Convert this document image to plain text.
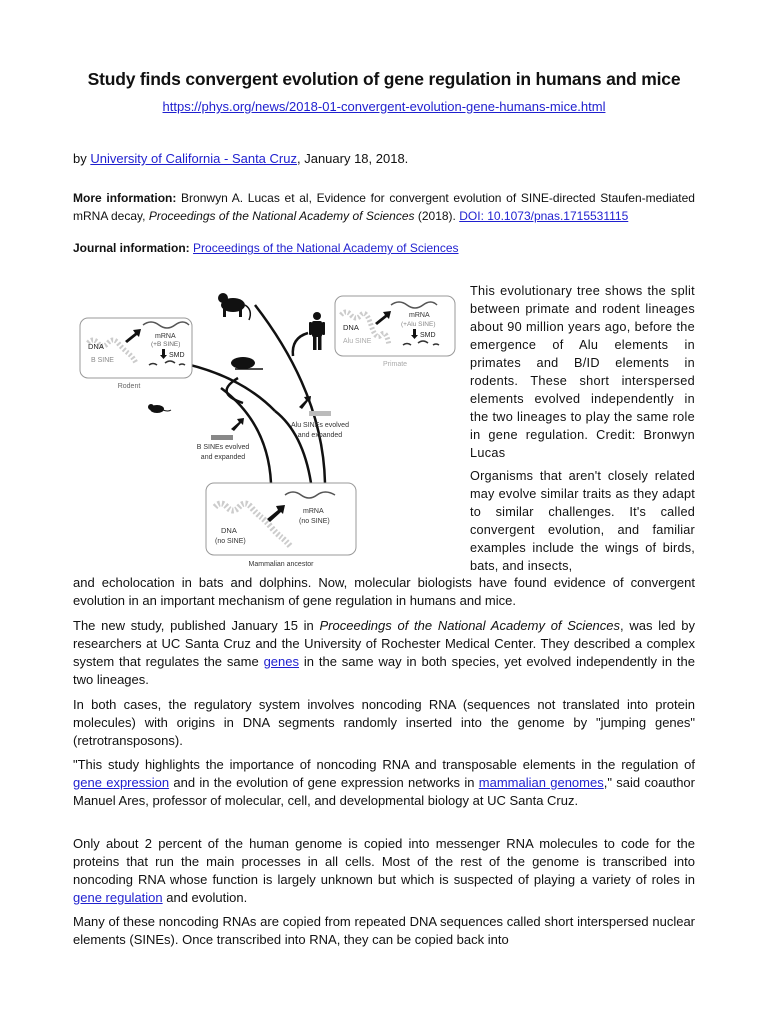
Study finds convergent evolution of gene regulation in humans and mice
https://phys.org/news/2018-01-convergent-evolution-gene-humans-mice.html
by University of California - Santa Cruz, January 18, 2018.
More information: Bronwyn A. Lucas et al, Evidence for convergent evolution of SINE-directed Staufen-mediated mRNA decay, Proceedings of the National Academy of Sciences (2018). DOI: 10.1073/pnas.1715531115
Journal information: Proceedings of the National Academy of Sciences
DNA
B SINE
mRNA
(+B SINE)
SMD
Rodent
DNA
Alu SINE
mRNA
(+Alu SINE)
SMD
Primate
mRNA
(no SINE)
DNA
(no SINE)
Mammalian ancestor
Alu SINEs evolved
and expanded
B SINEs evolved
and expanded
This evolutionary tree shows the split between primate and rodent lineages about 90 million years ago, before the emergence of Alu elements in primates and B/ID elements in rodents. These short interspersed elements evolved independently in the two lineages to play the same role in gene regulation. Credit: Bronwyn Lucas
Organisms that aren't closely related may evolve similar traits as they adapt to similar challenges. It's called convergent evolution, and familiar examples include the wings of birds, bats, and insects,

and echolocation in bats and dolphins. Now, molecular biologists have found evidence of convergent evolution in an important mechanism of gene regulation in humans and mice.

The new study, published January 15 in Proceedings of the National Academy of Sciences, was led by researchers at UC Santa Cruz and the University of Rochester Medical Center. They described a complex system that regulates the same genes in the same way in both species, yet evolved independently in the two lineages.

In both cases, the regulatory system involves noncoding RNA (sequences not translated into protein molecules) with origins in DNA segments randomly inserted into the genome by "jumping genes" (retrotransposons).

"This study highlights the importance of noncoding RNA and transposable elements in the regulation of gene expression and in the evolution of gene expression networks in mammalian genomes," said coauthor Manuel Ares, professor of molecular, cell, and developmental biology at UC Santa Cruz.

Only about 2 percent of the human genome is copied into messenger RNA molecules to code for the proteins that run the main processes in all cells. Most of the rest of the genome is transcribed into noncoding RNA whose function is largely unknown but which is suspected of playing a variety of roles in gene regulation and evolution.

Many of these noncoding RNAs are copied from repeated DNA sequences called short interspersed nuclear elements (SINEs). Once transcribed into RNA, they can be copied back into
